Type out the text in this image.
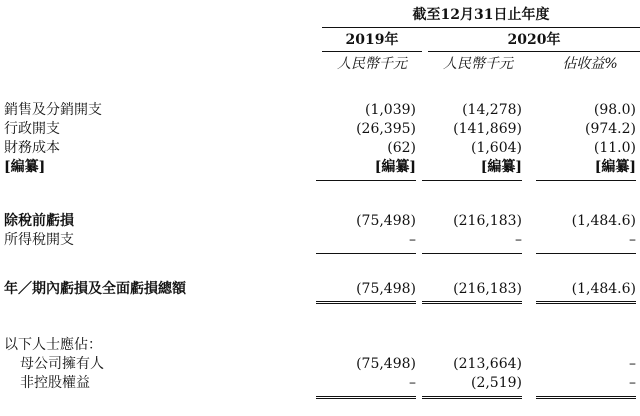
截至12月31日止年度
2019年	2020年
人民幣千元	人民幣千元	佔收益%
銷售及分銷開支	(1,039)	(14,278)	(98.0)
行政開支	(26,395)	(141,869)	(974.2)
財務成本	(62)	(1,604)	(11.0)
[編纂]	[編纂]	[編纂]	[編纂]
除稅前虧損	(75,498)	(216,183)	(1,484.6)
所得稅開支	–	–	–
年／期內虧損及全面虧損總額	(75,498)	(216,183)	(1,484.6)
以下人士應佔：
母公司擁有人	(75,498)	(213,664)	–
非控股權益	–	(2,519)	–
